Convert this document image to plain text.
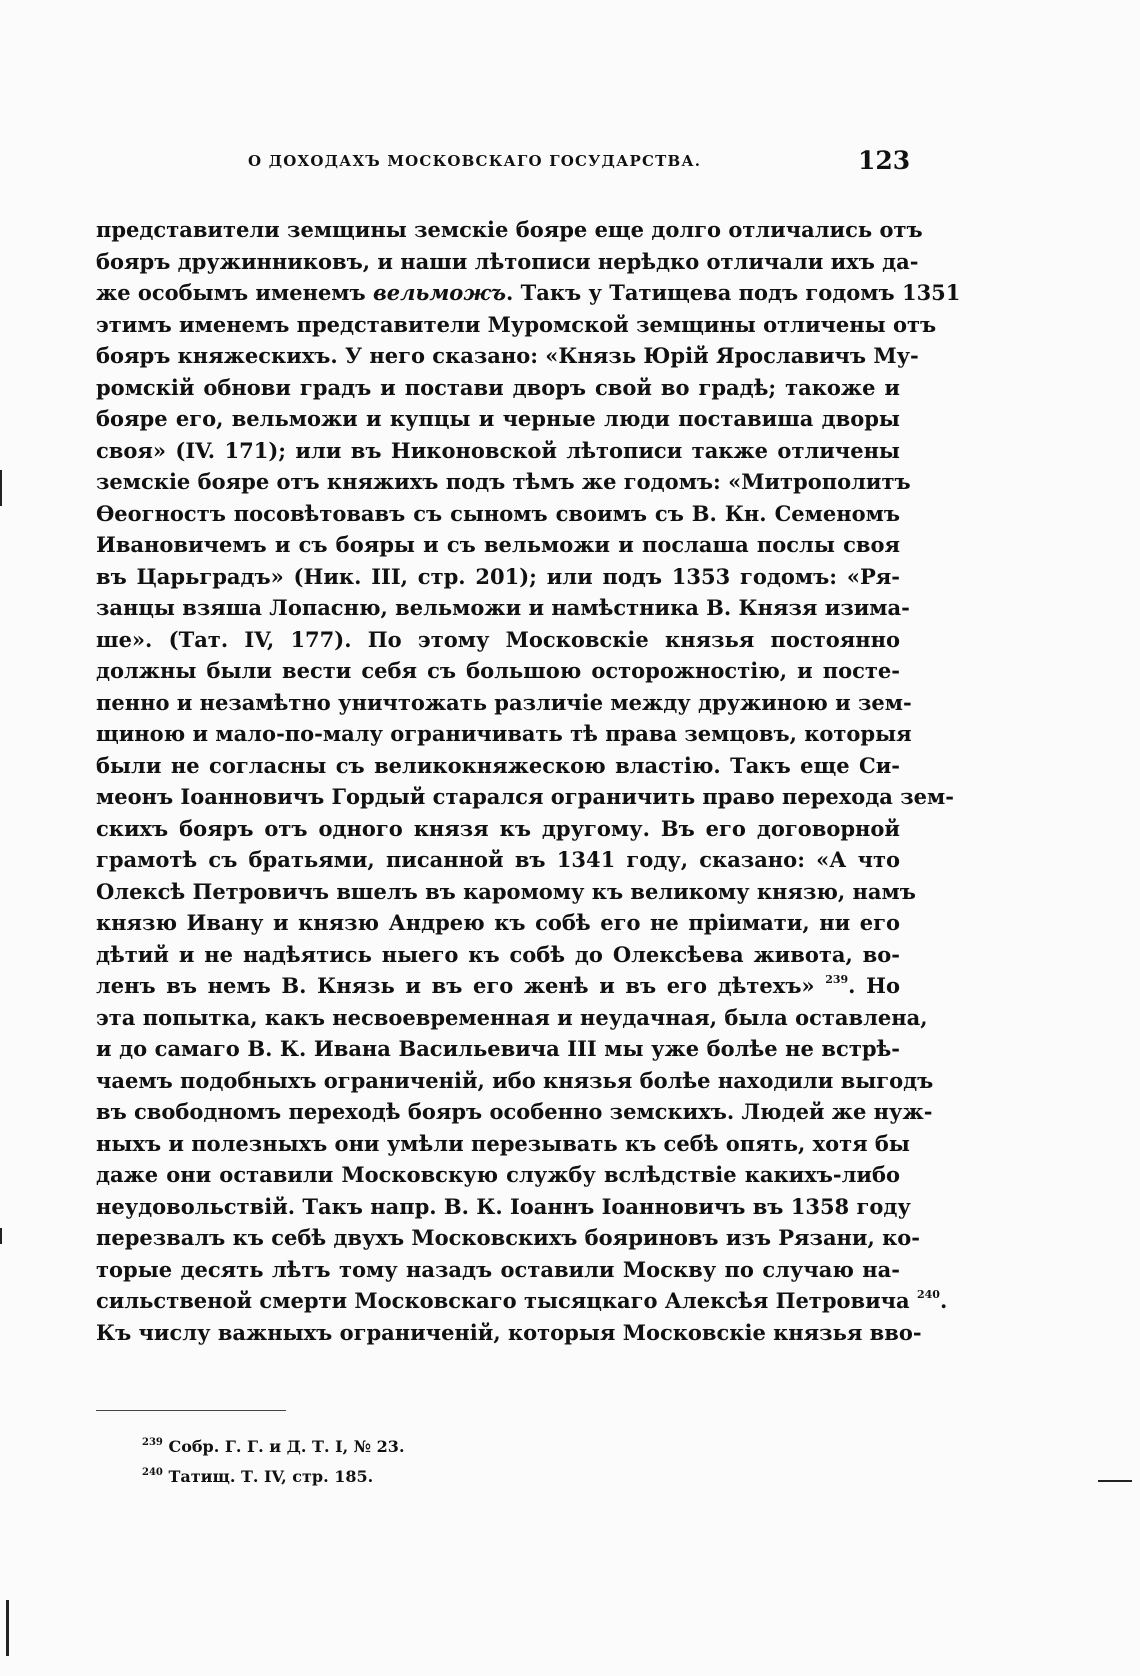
О ДОХОДАХЪ МОСКОВСКАГО ГОСУДАРСТВА.	123
представители земщины земскіе бояре еще долго отличались отъ
бояръ дружинниковъ, и наши лѣтописи нерѣдко отличали ихъ да-
же особымъ именемъ вельможъ. Такъ у Татищева подъ годомъ 1351
этимъ именемъ представители Муромской земщины отличены отъ
бояръ княжескихъ. У него сказано: «Князь Юрій Ярославичъ Му-
ромскій обнови градъ и постави дворъ свой во градѣ; такоже и
бояре его, вельможи и купцы и черные люди поставиша дворы
своя» (IV. 171); или въ Никоновской лѣтописи также отличены
земскіе бояре отъ княжихъ подъ тѣмъ же годомъ: «Митрополитъ
Ѳеогностъ посовѣтовавъ съ сыномъ своимъ съ В. Кн. Семеномъ
Ивановичемъ и съ бояры и съ вельможи и послаша послы своя
въ Царьградъ» (Ник. III, стр. 201); или подъ 1353 годомъ: «Ря-
занцы взяша Лопасню, вельможи и намѣстника В. Князя изима-
ше». (Тат. IV, 177). По этому Московскіе князья постоянно
должны были вести себя съ большою осторожностію, и посте-
пенно и незамѣтно уничтожать различіе между дружиною и зем-
щиною и мало-по-малу ограничивать тѣ права земцовъ, которыя
были не согласны съ великокняжескою властію. Такъ еще Си-
меонъ Іоанновичъ Гордый старался ограничить право перехода зем-
скихъ бояръ отъ одного князя къ другому. Въ его договорной
грамотѣ съ братьями, писанной въ 1341 году, сказано: «А что
Олексѣ Петровичъ вшелъ въ каромому къ великому князю, намъ
князю Ивану и князю Андрею къ собѣ его не пріимати, ни его
дѣтий и не надѣятись ныего къ собѣ до Олексѣева живота, во-
ленъ въ немъ В. Князь и въ его женѣ и въ его дѣтехъ» $^{239}$. Но
эта попытка, какъ несвоевременная и неудачная, была оставлена,
и до самаго В. К. Ивана Васильевича III мы уже болѣе не встрѣ-
чаемъ подобныхъ ограниченій, ибо князья болѣе находили выгодъ
въ свободномъ переходѣ бояръ особенно земскихъ. Людей же нуж-
ныхъ и полезныхъ они умѣли перезывать къ себѣ опять, хотя бы
даже они оставили Московскую службу вслѣдствіе какихъ-либо
неудовольствій. Такъ напр. В. К. Іоаннъ Іоанновичъ въ 1358 году
перезвалъ къ себѣ двухъ Московскихъ бояриновъ изъ Рязани, ко-
торые десять лѣтъ тому назадъ оставили Москву по случаю на-
сильственой смерти Московскаго тысяцкаго Алексѣя Петровича $^{240}$.
Къ числу важныхъ ограниченій, которыя Московскіе князья вво-
$^{239}$ Собр. Г. Г. и Д. Т. I, № 23.
$^{240}$ Татищ. Т. IV, стр. 185.
